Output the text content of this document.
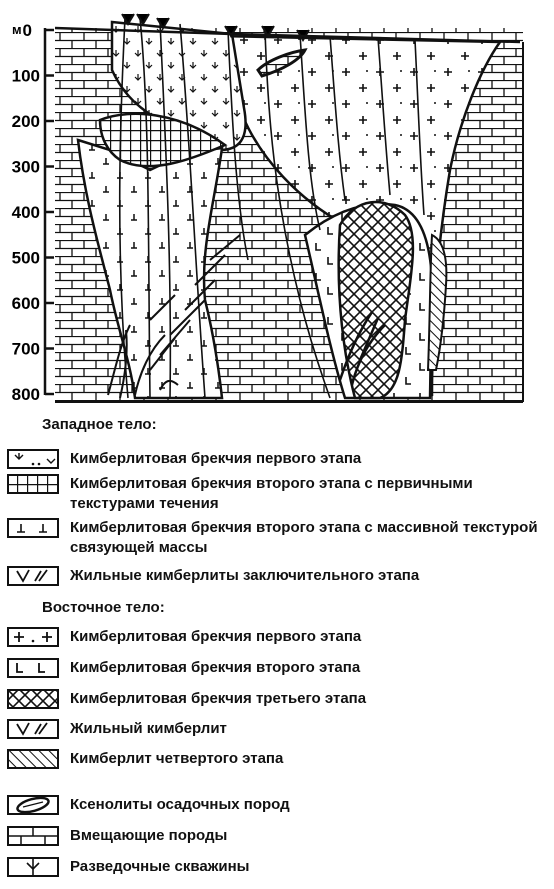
0
100
200
300
400
500
600
700
800
м
Западное тело:
Кимберлитовая брекчия первого этапа
Кимберлитовая брекчия второго этапа с первичными текстурами течения
Кимберлитовая брекчия второго этапа с массивной текстурой связующей массы
Жильные кимберлиты заключительного этапа
Восточное тело:
Кимберлитовая брекчия первого этапа
Кимберлитовая брекчия второго этапа
Кимберлитовая брекчия третьего этапа
Жильный кимберлит
Кимберлит четвертого этапа
Ксенолиты осадочных пород
Вмещающие породы
Разведочные скважины
